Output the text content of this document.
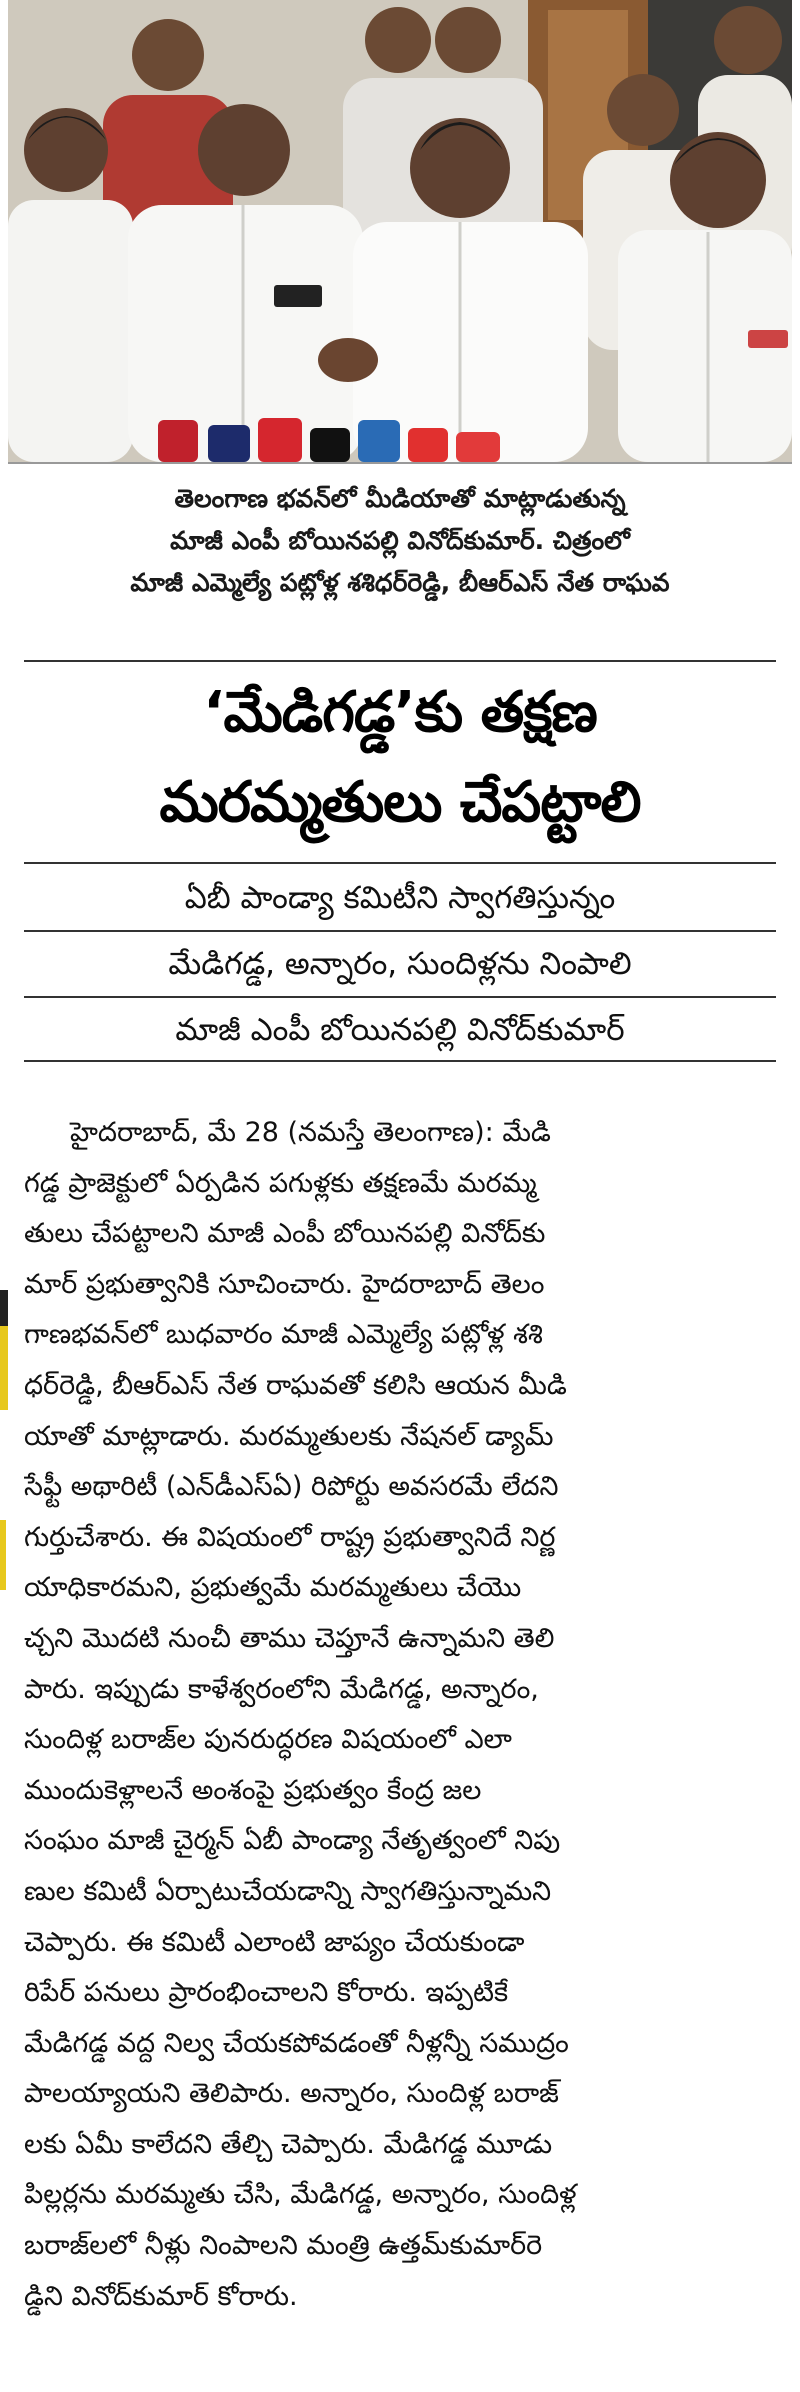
తెలంగాణ భవన్‌లో మీడియాతో మాట్లాడుతున్న
మాజీ ఎంపీ బోయినపల్లి వినోద్‌కుమార్. చిత్రంలో
మాజీ ఎమ్మెల్యే పట్లోళ్ల శశిధర్‌రెడ్డి, బీఆర్‌ఎస్ నేత రాఘవ
‘మేడిగడ్డ’కు తక్షణ
మరమ్మతులు చేపట్టాలి
ఏబీ పాండ్యా కమిటీని స్వాగతిస్తున్నం
మేడిగడ్డ, అన్నారం, సుందిళ్లను నింపాలి
మాజీ ఎంపీ బోయినపల్లి వినోద్‌కుమార్
హైదరాబాద్, మే 28 (నమస్తే తెలంగాణ): మేడి
గడ్డ ప్రాజెక్టులో ఏర్పడిన పగుళ్లకు తక్షణమే మరమ్మ
తులు చేపట్టాలని మాజీ ఎంపీ బోయినపల్లి వినోద్‌కు
మార్ ప్రభుత్వానికి సూచించారు. హైదరాబాద్ తెలం
గాణభవన్‌లో బుధవారం మాజీ ఎమ్మెల్యే పట్లోళ్ల శశి
ధర్‌రెడ్డి, బీఆర్‌ఎస్ నేత రాఘవతో కలిసి ఆయన మీడి
యాతో మాట్లాడారు. మరమ్మతులకు నేషనల్ డ్యామ్
సేఫ్టీ అథారిటీ (ఎన్‌డీఎస్‌ఏ) రిపోర్టు అవసరమే లేదని
గుర్తుచేశారు. ఈ విషయంలో రాష్ట్ర ప్రభుత్వానిదే నిర్ణ
యాధికారమని, ప్రభుత్వమే మరమ్మతులు చేయొ
చ్చని మొదటి నుంచీ తాము చెప్తూనే ఉన్నామని తెలి
పారు. ఇప్పుడు కాళేశ్వరంలోని మేడిగడ్డ, అన్నారం,
సుందిళ్ల బరాజ్‌ల పునరుద్ధరణ విషయంలో ఎలా
ముందుకెళ్లాలనే అంశంపై ప్రభుత్వం కేంద్ర జల
సంఘం మాజీ చైర్మన్ ఏబీ పాండ్యా నేతృత్వంలో నిపు
ణుల కమిటీ ఏర్పాటుచేయడాన్ని స్వాగతిస్తున్నామని
చెప్పారు. ఈ కమిటీ ఎలాంటి జాప్యం చేయకుండా
రిపేర్ పనులు ప్రారంభించాలని కోరారు. ఇప్పటికే
మేడిగడ్డ వద్ద నిల్వ చేయకపోవడంతో నీళ్లన్నీ సముద్రం
పాలయ్యాయని తెలిపారు. అన్నారం, సుందిళ్ల బరాజ్
లకు ఏమీ కాలేదని తేల్చి చెప్పారు. మేడిగడ్డ మూడు
పిల్లర్లను మరమ్మతు చేసి, మేడిగడ్డ, అన్నారం, సుందిళ్ల
బరాజ్‌లలో నీళ్లు నింపాలని మంత్రి ఉత్తమ్‌కుమార్‌రె
డ్డిని వినోద్‌కుమార్ కోరారు.
